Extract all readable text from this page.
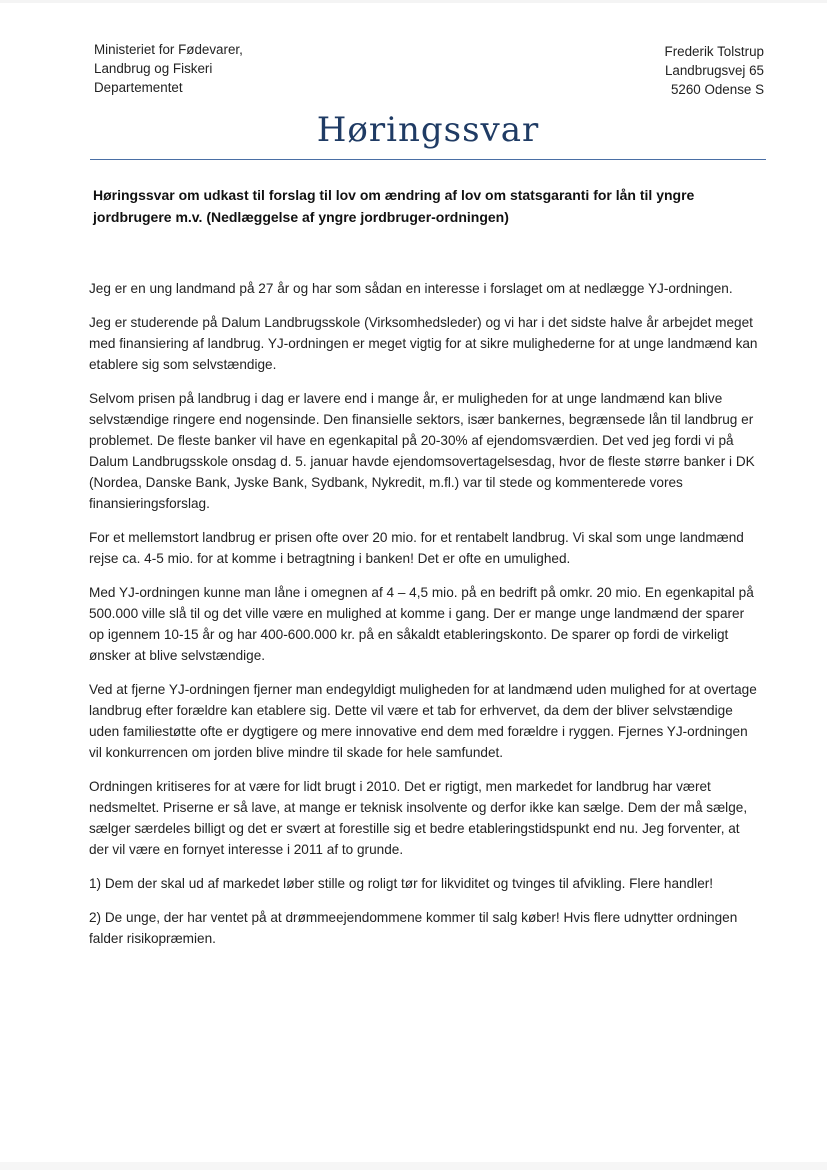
Ministeriet for Fødevarer,
Landbrug og Fiskeri
Departementet
Frederik Tolstrup
Landbrugsvej 65
5260 Odense S
Høringssvar
Høringssvar om udkast til forslag til lov om ændring af lov om statsgaranti for lån til yngre jordbrugere m.v. (Nedlæggelse af yngre jordbruger-ordningen)

Jeg er en ung landmand på 27 år og har som sådan en interesse i forslaget om at nedlægge YJ-ordningen.

Jeg er studerende på Dalum Landbrugsskole (Virksomhedsleder) og vi har i det sidste halve år arbejdet meget med finansiering af landbrug. YJ-ordningen er meget vigtig for at sikre mulighederne for at unge landmænd kan etablere sig som selvstændige.

Selvom prisen på landbrug i dag er lavere end i mange år, er muligheden for at unge landmænd kan blive selvstændige ringere end nogensinde. Den finansielle sektors, især bankernes, begrænsede lån til landbrug er problemet. De fleste banker vil have en egenkapital på 20-30% af ejendomsværdien. Det ved jeg fordi vi på Dalum Landbrugsskole onsdag d. 5. januar havde ejendomsovertagelsesdag, hvor de fleste større banker i DK (Nordea, Danske Bank, Jyske Bank, Sydbank, Nykredit, m.fl.) var til stede og kommenterede vores finansieringsforslag.

For et mellemstort landbrug er prisen ofte over 20 mio. for et rentabelt landbrug. Vi skal som unge landmænd rejse ca. 4-5 mio. for at komme i betragtning i banken! Det er ofte en umulighed.

Med YJ-ordningen kunne man låne i omegnen af 4 – 4,5 mio. på en bedrift på omkr. 20 mio. En egenkapital på 500.000 ville slå til og det ville være en mulighed at komme i gang. Der er mange unge landmænd der sparer op igennem 10-15 år og har 400-600.000 kr. på en såkaldt etableringskonto. De sparer op fordi de virkeligt ønsker at blive selvstændige.

Ved at fjerne YJ-ordningen fjerner man endegyldigt muligheden for at landmænd uden mulighed for at overtage landbrug efter forældre kan etablere sig. Dette vil være et tab for erhvervet, da dem der bliver selvstændige uden familiestøtte ofte er dygtigere og mere innovative end dem med forældre i ryggen. Fjernes YJ-ordningen vil konkurrencen om jorden blive mindre til skade for hele samfundet.

Ordningen kritiseres for at være for lidt brugt i 2010. Det er rigtigt, men markedet for landbrug har været nedsmeltet. Priserne er så lave, at mange er teknisk insolvente og derfor ikke kan sælge. Dem der må sælge, sælger særdeles billigt og det er svært at forestille sig et bedre etableringstidspunkt end nu. Jeg forventer, at der vil være en fornyet interesse i 2011 af to grunde.

1) Dem der skal ud af markedet løber stille og roligt tør for likviditet og tvinges til afvikling. Flere handler!

2) De unge, der har ventet på at drømmeejendommene kommer til salg køber! Hvis flere udnytter ordningen falder risikopræmien.
